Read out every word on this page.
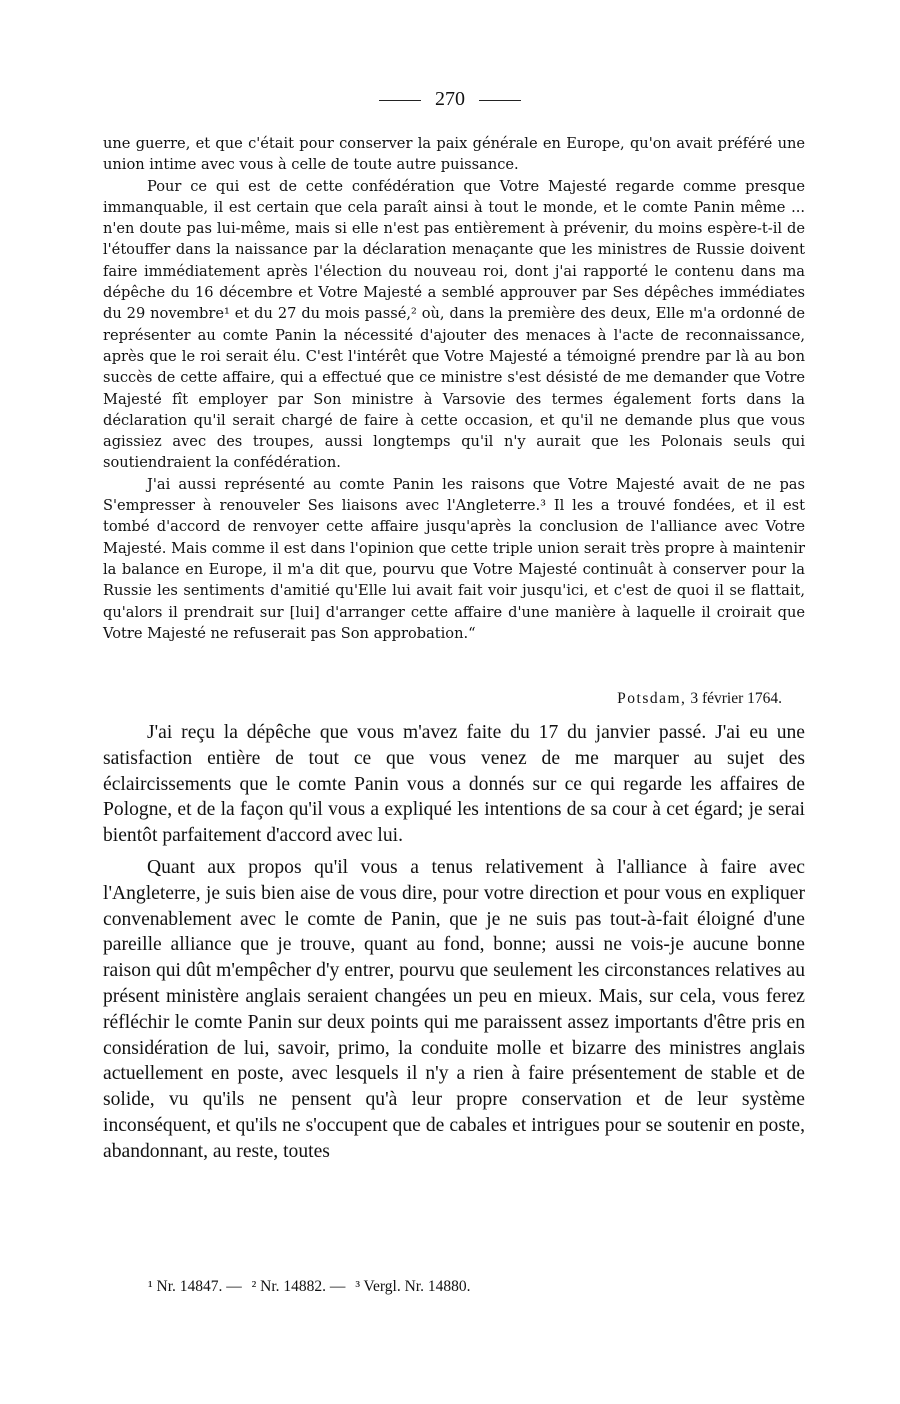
270

une guerre, et que c'était pour conserver la paix générale en Europe, qu'on avait préféré une union intime avec vous à celle de toute autre puissance.

Pour ce qui est de cette confédération que Votre Majesté regarde comme presque immanquable, il est certain que cela paraît ainsi à tout le monde, et le comte Panin même ... n'en doute pas lui-même, mais si elle n'est pas entièrement à prévenir, du moins espère-t-il de l'étouffer dans la naissance par la déclaration menaçante que les ministres de Russie doivent faire immédiatement après l'élection du nouveau roi, dont j'ai rapporté le contenu dans ma dépêche du 16 décembre et Votre Majesté a semblé approuver par Ses dépêches immédiates du 29 novembre¹ et du 27 du mois passé,² où, dans la première des deux, Elle m'a ordonné de représenter au comte Panin la nécessité d'ajouter des menaces à l'acte de reconnaissance, après que le roi serait élu. C'est l'intérêt que Votre Majesté a témoigné prendre par là au bon succès de cette affaire, qui a effectué que ce ministre s'est désisté de me demander que Votre Majesté fît employer par Son ministre à Varsovie des termes également forts dans la déclaration qu'il serait chargé de faire à cette occasion, et qu'il ne demande plus que vous agissiez avec des troupes, aussi longtemps qu'il n'y aurait que les Polonais seuls qui soutiendraient la confédération.

J'ai aussi représenté au comte Panin les raisons que Votre Majesté avait de ne pas S'empresser à renouveler Ses liaisons avec l'Angleterre.³ Il les a trouvé fondées, et il est tombé d'accord de renvoyer cette affaire jusqu'après la conclusion de l'alliance avec Votre Majesté. Mais comme il est dans l'opinion que cette triple union serait très propre à maintenir la balance en Europe, il m'a dit que, pourvu que Votre Majesté continuât à conserver pour la Russie les sentiments d'amitié qu'Elle lui avait fait voir jusqu'ici, et c'est de quoi il se flattait, qu'alors il prendrait sur [lui] d'arranger cette affaire d'une manière à laquelle il croirait que Votre Majesté ne refuserait pas Son approbation.“

Potsdam, 3 février 1764.

J'ai reçu la dépêche que vous m'avez faite du 17 du janvier passé. J'ai eu une satisfaction entière de tout ce que vous venez de me marquer au sujet des éclaircissements que le comte Panin vous a donnés sur ce qui regarde les affaires de Pologne, et de la façon qu'il vous a expliqué les intentions de sa cour à cet égard; je serai bientôt parfaitement d'accord avec lui.

Quant aux propos qu'il vous a tenus relativement à l'alliance à faire avec l'Angleterre, je suis bien aise de vous dire, pour votre direction et pour vous en expliquer convenablement avec le comte de Panin, que je ne suis pas tout-à-fait éloigné d'une pareille alliance que je trouve, quant au fond, bonne; aussi ne vois-je aucune bonne raison qui dût m'empêcher d'y entrer, pourvu que seulement les circonstances relatives au présent ministère anglais seraient changées un peu en mieux. Mais, sur cela, vous ferez réfléchir le comte Panin sur deux points qui me paraissent assez importants d'être pris en considération de lui, savoir, primo, la conduite molle et bizarre des ministres anglais actuellement en poste, avec lesquels il n'y a rien à faire présentement de stable et de solide, vu qu'ils ne pensent qu'à leur propre conservation et de leur système inconséquent, et qu'ils ne s'occupent que de cabales et intrigues pour se soutenir en poste, abandonnant, au reste, toutes

¹ Nr. 14847. — ² Nr. 14882. — ³ Vergl. Nr. 14880.
